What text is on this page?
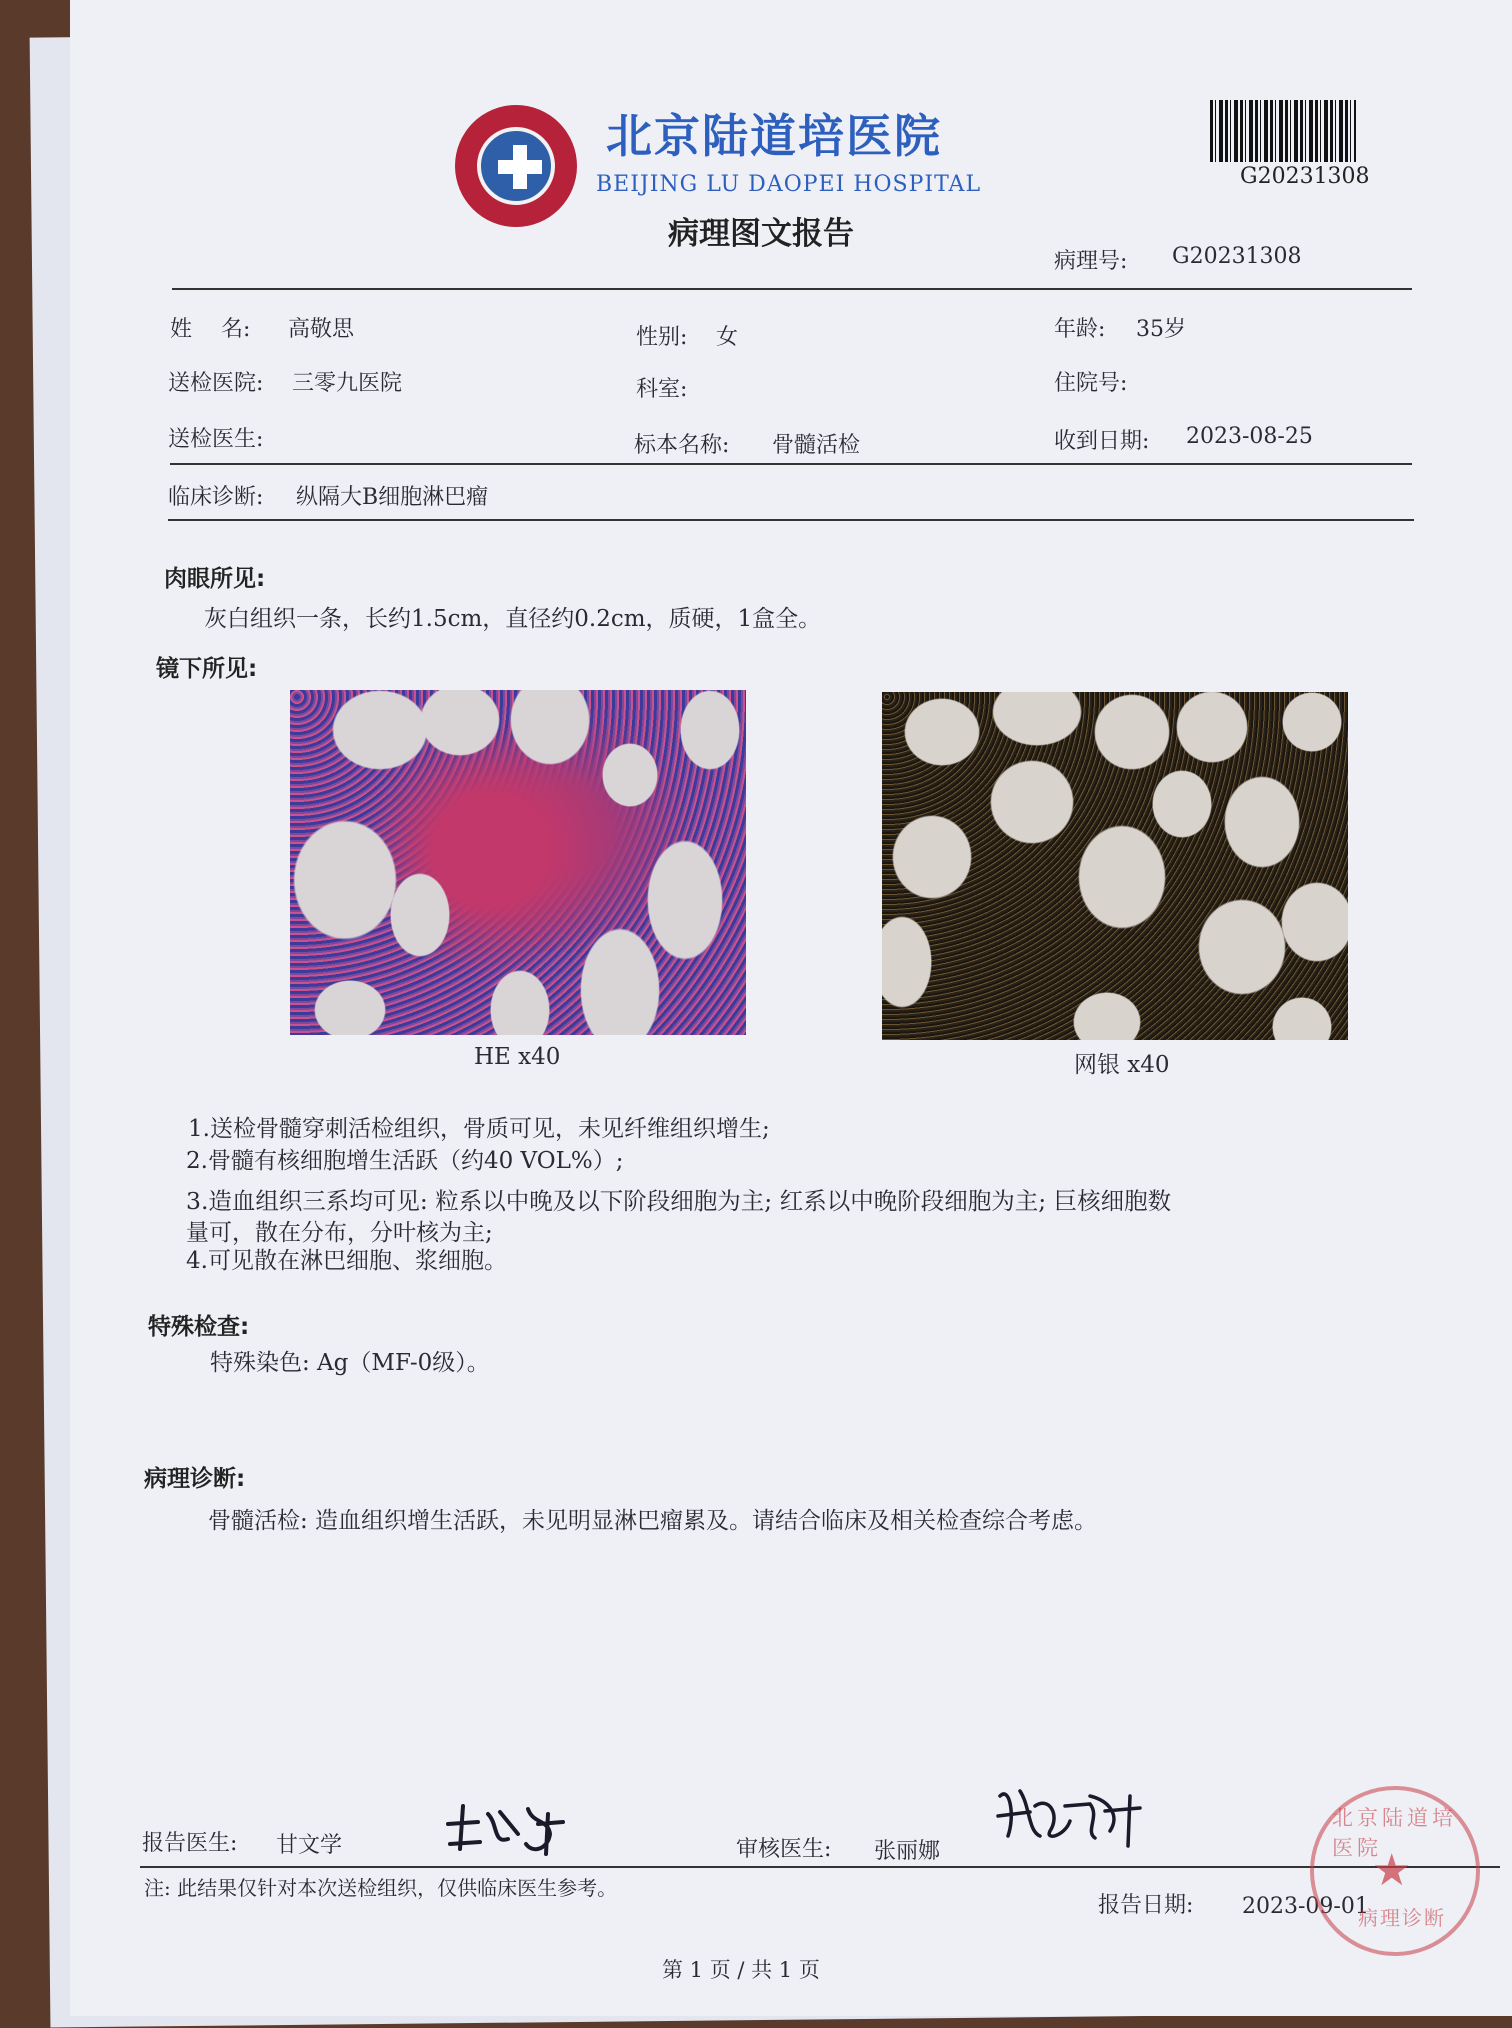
北京陆道培医院
BEIJING LU DAOPEI HOSPITAL
病理图文报告
G20231308
病理号: G20231308
姓　 名: 高敬思	性别: 女	年龄: 35岁
送检医院: 三零九医院	科室:	住院号:
送检医生:	标本名称: 骨髓活检	收到日期: 2023-08-25
临床诊断: 纵隔大B细胞淋巴瘤
肉眼所见:
灰白组织一条，长约1.5cm，直径约0.2cm，质硬，1盒全。
镜下所见:
HE x40	网银 x40
1.送检骨髓穿刺活检组织，骨质可见，未见纤维组织增生;
2.骨髓有核细胞增生活跃（约40 VOL%）;
3.造血组织三系均可见: 粒系以中晚及以下阶段细胞为主; 红系以中晚阶段细胞为主; 巨核细胞数
量可，散在分布，分叶核为主;
4.可见散在淋巴细胞、浆细胞。
特殊检查:
特殊染色: Ag（MF-0级）。
病理诊断:
骨髓活检: 造血组织增生活跃，未见明显淋巴瘤累及。请结合临床及相关检查综合考虑。
报告医生: 甘文学	审核医生: 张丽娜
注: 此结果仅针对本次送检组织，仅供临床医生参考。
报告日期: 2023-09-01
北京陆道培医院
★
病理诊断
第 1 页 / 共 1 页
